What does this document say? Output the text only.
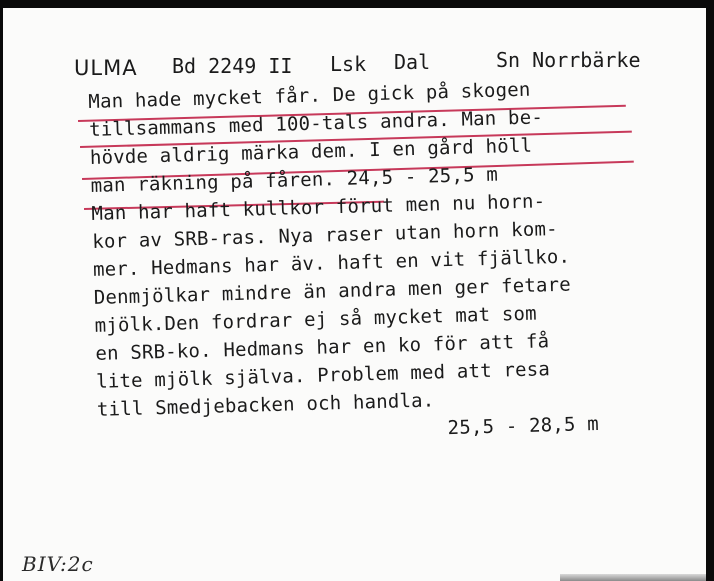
ULMA Bd 2249 II Lsk Dal	Sn Norrbärke
Man hade mycket får. De gick på skogen
tillsammans med 100-tals andra. Man be-
hövde aldrig märka dem. I en gård höll
man räkning på fåren. 24,5 - 25,5 m
Man har haft kullkor förut men nu horn-
kor av SRB-ras. Nya raser utan horn kom-
mer. Hedmans har äv. haft en vit fjällko.
Denmjölkar mindre än andra men ger fetare
mjölk.Den fordrar ej så mycket mat som
en SRB-ko. Hedmans har en ko för att få
lite mjölk själva. Problem med att resa
till Smedjebacken och handla.
25,5 - 28,5 m
BIV:2c
